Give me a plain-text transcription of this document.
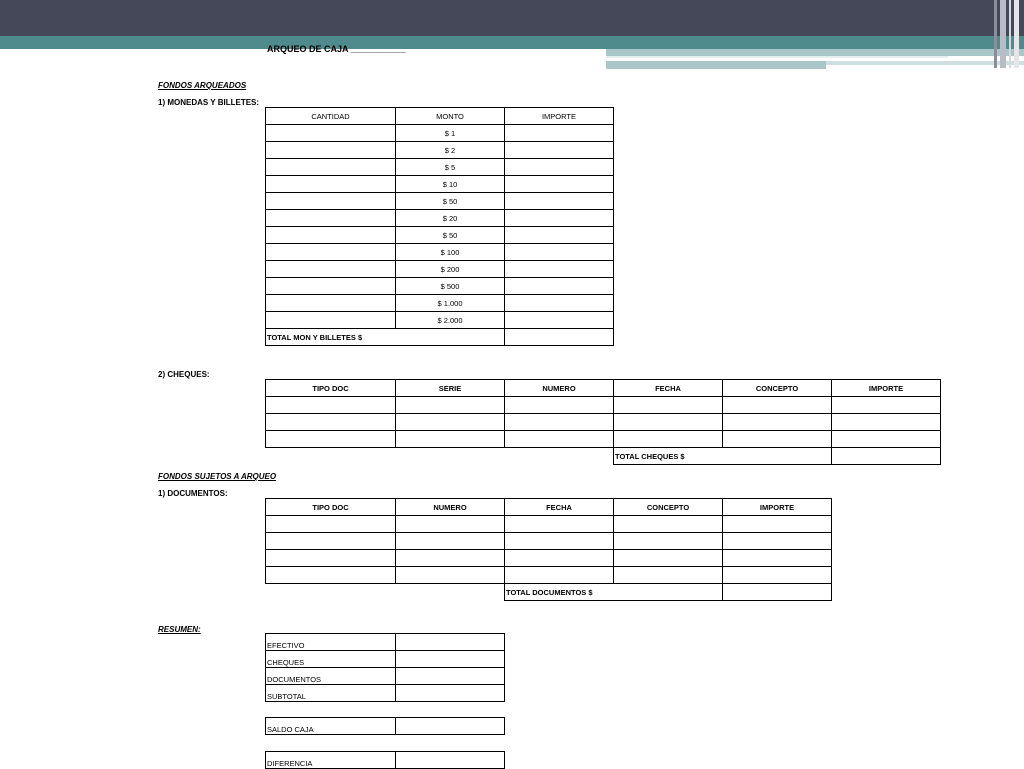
ARQUEO DE CAJA ___________
FONDOS ARQUEADOS
1) MONEDAS Y BILLETES:
CANTIDAD	MONTO	IMPORTE
	$ 1	
	$ 2	
	$ 5	
	$ 10	
	$ 50	
	$ 20	
	$ 50	
	$ 100	
	$ 200	
	$ 500	
	$ 1.000	
	$ 2.000	
TOTAL MON Y BILLETES $		
2) CHEQUES:
TIPO DOC	SERIE	NUMERO	FECHA	CONCEPTO	IMPORTE

			TOTAL CHEQUES $		
FONDOS SUJETOS A ARQUEO
1) DOCUMENTOS:
TIPO DOC	NUMERO	FECHA	CONCEPTO	IMPORTE

		TOTAL DOCUMENTOS $		
RESUMEN:
EFECTIVO	
CHEQUES	
DOCUMENTOS	
SUBTOTAL	
SALDO CAJA	
DIFERENCIA	
